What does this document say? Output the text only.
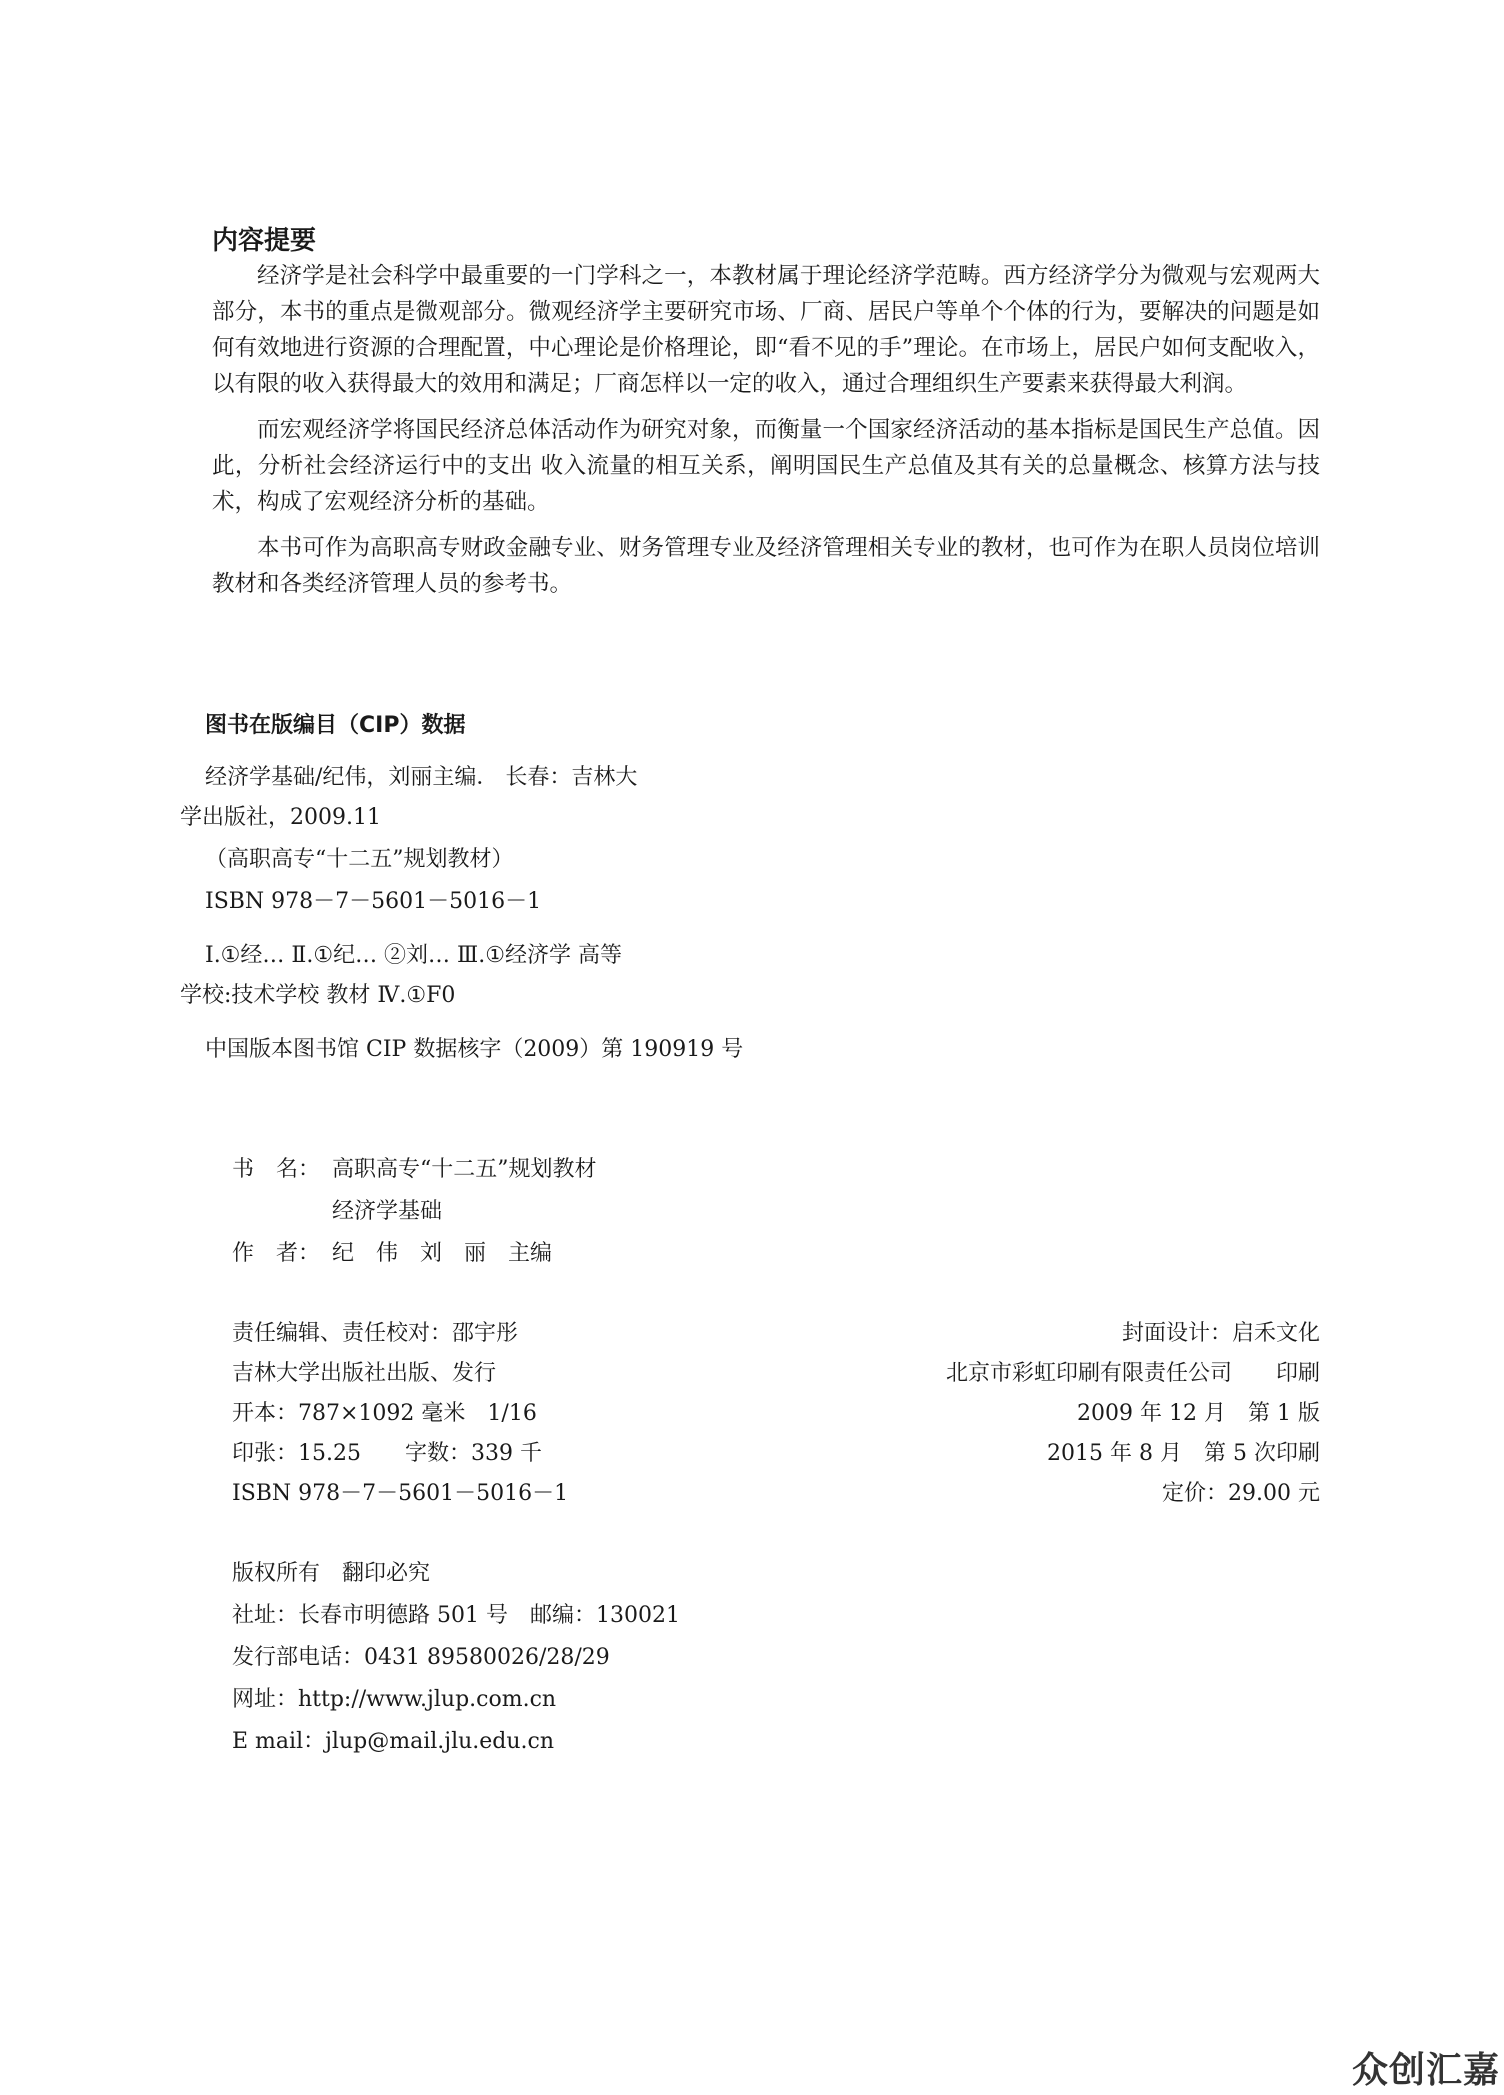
内容提要

经济学是社会科学中最重要的一门学科之一，本教材属于理论经济学范畴。西方经济学分为微观与宏观两大部分，本书的重点是微观部分。微观经济学主要研究市场、厂商、居民户等单个个体的行为，要解决的问题是如何有效地进行资源的合理配置，中心理论是价格理论，即“看不见的手”理论。在市场上，居民户如何支配收入，以有限的收入获得最大的效用和满足；厂商怎样以一定的收入，通过合理组织生产要素来获得最大利润。

而宏观经济学将国民经济总体活动作为研究对象，而衡量一个国家经济活动的基本指标是国民生产总值。因此，分析社会经济运行中的支出 收入流量的相互关系，阐明国民生产总值及其有关的总量概念、核算方法与技术，构成了宏观经济分析的基础。

本书可作为高职高专财政金融专业、财务管理专业及经济管理相关专业的教材，也可作为在职人员岗位培训教材和各类经济管理人员的参考书。

图书在版编目（CIP）数据
经济学基础/纪伟，刘丽主编． 长春：吉林大
学出版社，2009.11
（高职高专“十二五”规划教材）
ISBN 978－7－5601－5016－1
Ⅰ.①经… Ⅱ.①纪… ②刘… Ⅲ.①经济学 高等
学校:技术学校 教材 Ⅳ.①F0
中国版本图书馆 CIP 数据核字（2009）第 190919 号
书　名： 高职高专“十二五”规划教材
经济学基础
作　者： 纪　伟　刘　丽　主编
责任编辑、责任校对：邵宇彤
吉林大学出版社出版、发行
开本：787×1092 毫米　1/16
印张：15.25　　字数：339 千
ISBN 978－7－5601－5016－1
封面设计：启禾文化
北京市彩虹印刷有限责任公司　　印刷
2009 年 12 月　第 1 版
2015 年 8 月　第 5 次印刷
定价：29.00 元
版权所有　翻印必究
社址：长春市明德路 501 号　邮编：130021
发行部电话：0431 89580026/28/29
网址：http://www.jlup.com.cn
E mail：jlup@mail.jlu.edu.cn
众创汇嘉
